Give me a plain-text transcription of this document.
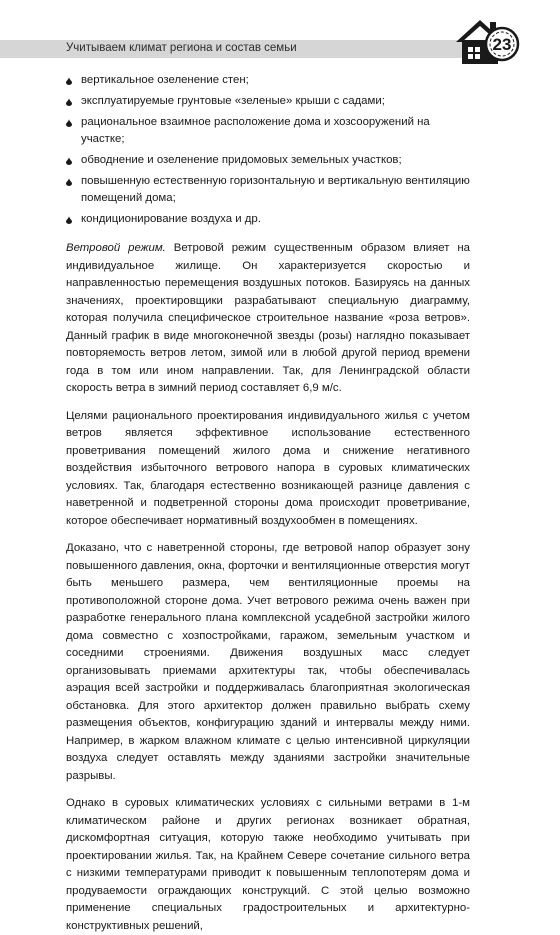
Учитываем климат региона и состав семьи	23
вертикальное озеленение стен;
эксплуатируемые грунтовые «зеленые» крыши с садами;
рациональное взаимное расположение дома и хозсооружений на участке;
обводнение и озеленение придомовых земельных участков;
повышенную естественную горизонтальную и вертикальную вентиляцию помещений дома;
кондиционирование воздуха и др.

Ветровой режим. Ветровой режим существенным образом влияет на индивидуальное жилище. Он характеризуется скоростью и направленностью перемещения воздушных потоков. Базируясь на данных значениях, проектировщики разрабатывают специальную диаграмму, которая получила специфическое строительное название «роза ветров». Данный график в виде многоконечной звезды (розы) наглядно показывает повторяемость ветров летом, зимой или в любой другой период времени года в том или ином направлении. Так, для Ленинградской области скорость ветра в зимний период составляет 6,9 м/с.

Целями рационального проектирования индивидуального жилья с учетом ветров является эффективное использование естественного проветривания помещений жилого дома и снижение негативного воздействия избыточного ветрового напора в суровых климатических условиях. Так, благодаря естественно возникающей разнице давления с наветренной и подветренной стороны дома происходит проветривание, которое обеспечивает нормативный воздухообмен в помещениях.

Доказано, что с наветренной стороны, где ветровой напор образует зону повышенного давления, окна, форточки и вентиляционные отверстия могут быть меньшего размера, чем вентиляционные проемы на противоположной стороне дома. Учет ветрового режима очень важен при разработке генерального плана комплексной усадебной застройки жилого дома совместно с хозпостройками, гаражом, земельным участком и соседними строениями. Движения воздушных масс следует организовывать приемами архитектуры так, чтобы обеспечивалась аэрация всей застройки и поддерживалась благоприятная экологическая обстановка. Для этого архитектор должен правильно выбрать схему размещения объектов, конфигурацию зданий и интервалы между ними. Например, в жарком влажном климате с целью интенсивной циркуляции воздуха следует оставлять между зданиями застройки значительные разрывы.

Однако в суровых климатических условиях с сильными ветрами в 1-м климатическом районе и других регионах возникает обратная, дискомфортная ситуация, которую также необходимо учитывать при проектировании жилья. Так, на Крайнем Севере сочетание сильного ветра с низкими температурами приводит к повышенным теплопотерям дома и продуваемости ограждающих конструкций. С этой целью возможно применение специальных градостроительных и архитектурно-конструктивных решений,
